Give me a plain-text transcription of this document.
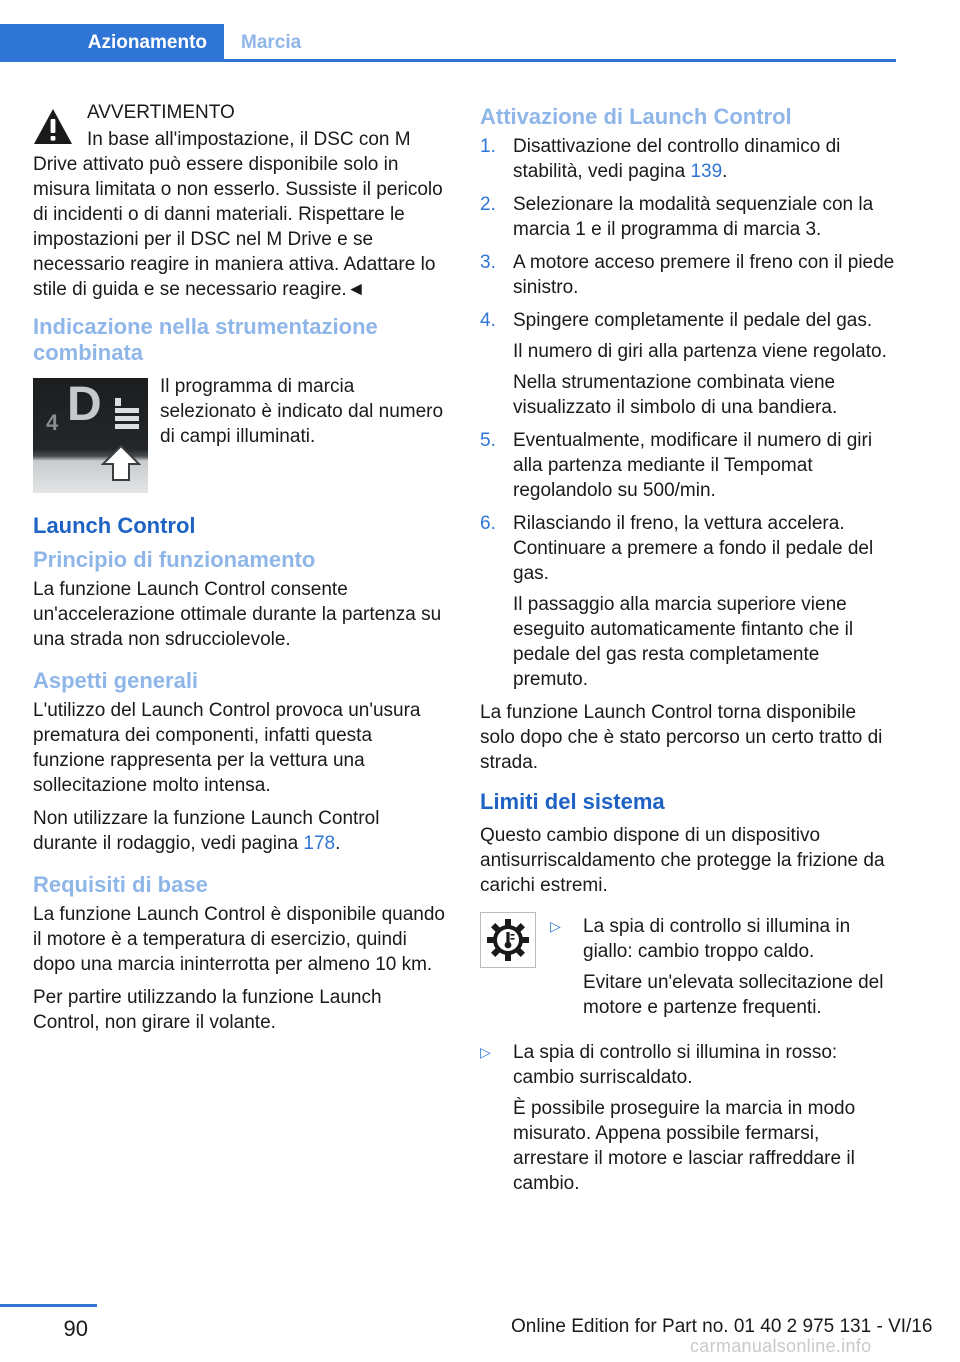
Azionamento	Marcia

AVVERTIMENTO

In base all'impostazione, il DSC con M

Drive attivato può essere disponibile solo in misura limitata o non esserlo. Sussiste il pericolo di incidenti o di danni materiali. Rispettare le impostazioni per il DSC nel M Drive e se necessario reagire in maniera attiva. Adattare lo stile di guida e se necessario reagire.◄

Indicazione nella strumentazione combinata
4 D	Il programma di marcia selezionato è indicato dal numero di campi illuminati.
Launch Control
Principio di funzionamento

La funzione Launch Control consente un'accelerazione ottimale durante la partenza su una strada non sdrucciolevole.

Aspetti generali

L'utilizzo del Launch Control provoca un'usura prematura dei componenti, infatti questa funzione rappresenta per la vettura una sollecitazione molto intensa.

Non utilizzare la funzione Launch Control durante il rodaggio, vedi pagina 178.

Requisiti di base

La funzione Launch Control è disponibile quando il motore è a temperatura di esercizio, quindi dopo una marcia ininterrotta per almeno 10 km.

Per partire utilizzando la funzione Launch Control, non girare il volante.

Attivazione di Launch Control
1. Disattivazione del controllo dinamico di stabilità, vedi pagina 139.

2. Selezionare la modalità sequenziale con la marcia 1 e il programma di marcia 3.

3. A motore acceso premere il freno con il piede sinistro.

4. Spingere completamente il pedale del gas.

Il numero di giri alla partenza viene regolato.

Nella strumentazione combinata viene visualizzato il simbolo di una bandiera.

5. Eventualmente, modificare il numero di giri alla partenza mediante il Tempomat regolandolo su 500/min.

6. Rilasciando il freno, la vettura accelera. Continuare a premere a fondo il pedale del gas.

Il passaggio alla marcia superiore viene eseguito automaticamente fintanto che il pedale del gas resta completamente premuto.

La funzione Launch Control torna disponibile solo dopo che è stato percorso un certo tratto di strada.

Limiti del sistema

Questo cambio dispone di un dispositivo antisurriscaldamento che protegge la frizione da carichi estremi.

▷ La spia di controllo si illumina in giallo: cambio troppo caldo.

Evitare un'elevata sollecitazione del motore e partenze frequenti.

▷ La spia di controllo si illumina in rosso: cambio surriscaldato.

È possibile proseguire la marcia in modo misurato. Appena possibile fermarsi, arrestare il motore e lasciar raffreddare il cambio.

90	Online Edition for Part no. 01 40 2 975 131 - VI/16
carmanualsonline.info
